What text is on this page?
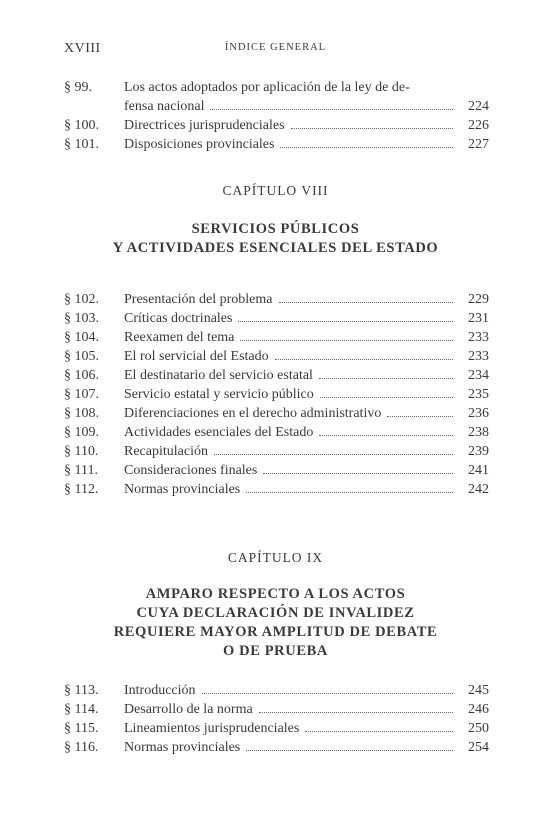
XVIII	ÍNDICE GENERAL
§ 99.	Los actos adoptados por aplicación de la ley de de-
fensa nacional	224
§ 100.	Directrices jurisprudenciales	226
§ 101.	Disposiciones provinciales	227
CAPÍTULO VIII
SERVICIOS PÚBLICOS
Y ACTIVIDADES ESENCIALES DEL ESTADO
§ 102.	Presentación del problema	229
§ 103.	Críticas doctrinales	231
§ 104.	Reexamen del tema	233
§ 105.	El rol servicial del Estado	233
§ 106.	El destinatario del servicio estatal	234
§ 107.	Servicio estatal y servicio público	235
§ 108.	Diferenciaciones en el derecho administrativo	236
§ 109.	Actividades esenciales del Estado	238
§ 110.	Recapitulación	239
§ 111.	Consideraciones finales	241
§ 112.	Normas provinciales	242
CAPÍTULO IX
AMPARO RESPECTO A LOS ACTOS
CUYA DECLARACIÓN DE INVALIDEZ
REQUIERE MAYOR AMPLITUD DE DEBATE
O DE PRUEBA
§ 113.	Introducción	245
§ 114.	Desarrollo de la norma	246
§ 115.	Lineamientos jurisprudenciales	250
§ 116.	Normas provinciales	254
